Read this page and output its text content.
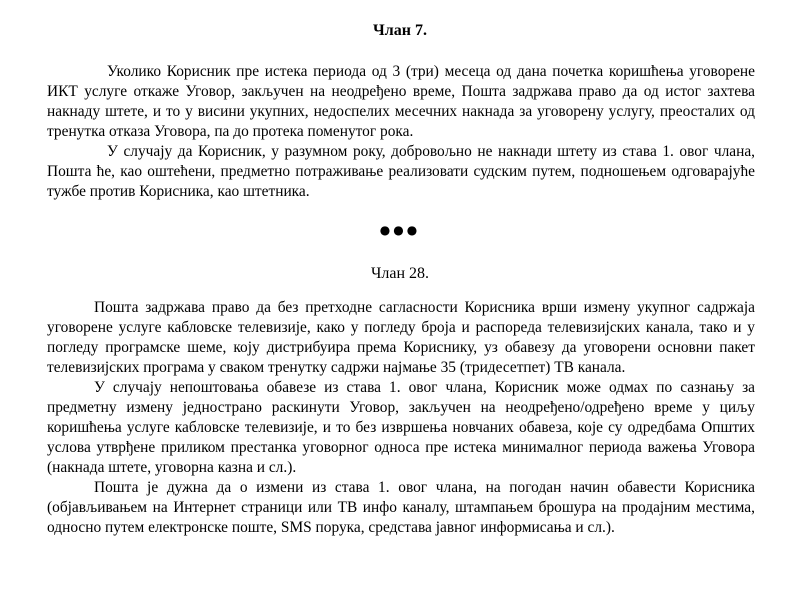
Члан 7.

Уколико Корисник пре истека периода од 3 (три) месеца од дана почетка коришћења уговорене ИКТ услуге откаже Уговор, закључен на неодређено време, Пошта задржава право да од истог захтева накнаду штете, и то у висини укупних, недоспелих месечних накнада за уговорену услугу, преосталих од тренутка отказа Уговора, па до протека поменутог рока.

У случају да Корисник, у разумном року, добровољно не накнади штету из става 1. овог члана, Пошта ће, као оштећени, предметно потраживање реализовати судским путем, подношењем одговарајуће тужбе против Корисника, као штетника.

●●●
Члан 28.

Пошта задржава право да без претходне сагласности Корисника врши измену укупног садржаја уговорене услуге кабловске телевизије, како у погледу броја и распореда телевизијских канала, тако и у погледу програмске шеме, коју дистрибуира према Кориснику, уз обавезу да уговорени основни пакет телевизијских програма у сваком тренутку садржи најмање 35 (тридесетпет) ТВ канала.

У случају непоштовања обавезе из става 1. овог члана, Корисник може одмах по сазнању за предметну измену једнострано раскинути Уговор, закључен на неодређено/одређено време у циљу коришћења услуге кабловске телевизије, и то без извршења новчаних обавеза, које су одредбама Општих услова утврђене приликом престанка уговорног односа пре истека минималног периода важења Уговора (накнада штете, уговорна казна и сл.).

Пошта је дужна да о измени из става 1. овог члана, на погодан начин обавести Корисника (објављивањем на Интернет страници или ТВ инфо каналу, штампањем брошура на продајним местима, односно путем електронске поште, SMS порука, средстава јавног информисања и сл.).
